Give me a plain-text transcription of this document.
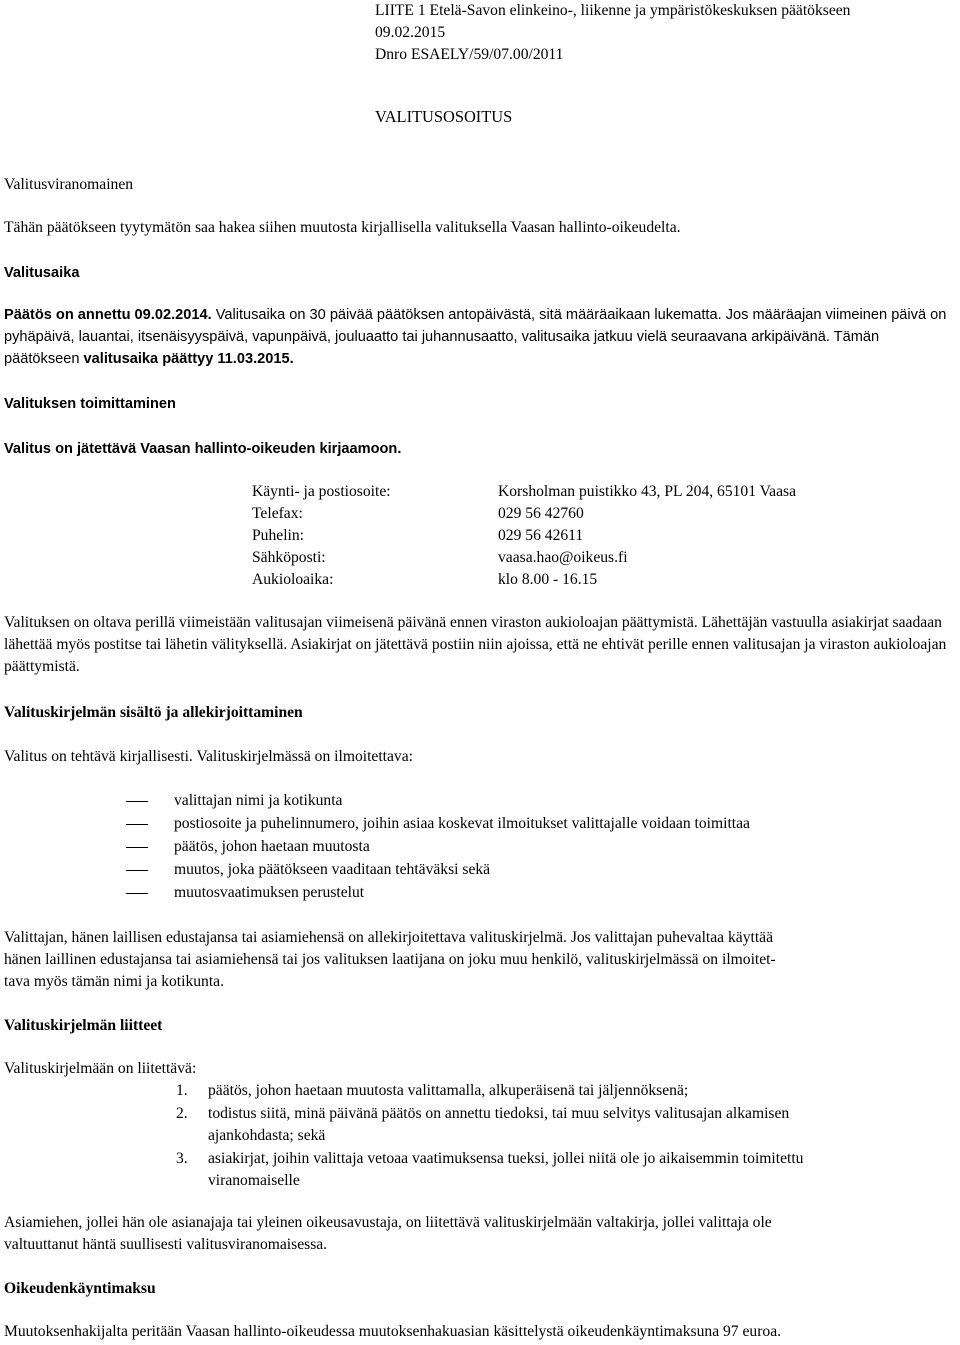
LIITE 1 Etelä-Savon elinkeino-, liikenne ja ympäristökeskuksen päätökseen
09.02.2015
Dnro ESAELY/59/07.00/2011
VALITUSOSOITUS
Valitusviranomainen
Tähän päätökseen tyytymätön saa hakea siihen muutosta kirjallisella valituksella Vaasan hallinto-oikeudelta.
Valitusaika
Päätös on annettu 09.02.2014. Valitusaika on 30 päivää päätöksen antopäivästä, sitä määräaikaan lukematta. Jos määräajan viimeinen päivä on pyhäpäivä, lauantai, itsenäisyyspäivä, vapunpäivä, jouluaatto tai juhannusaatto, valitusaika jatkuu vielä seuraavana arkipäivänä. Tämän päätökseen valitusaika päättyy 11.03.2015.
Valituksen toimittaminen
Valitus on jätettävä Vaasan hallinto-oikeuden kirjaamoon.
Käynti- ja postiosoite:	Korsholman puistikko 43, PL 204, 65101 Vaasa
Telefax:	029 56 42760
Puhelin:	029 56 42611
Sähköposti:	vaasa.hao@oikeus.fi
Aukioloaika:	klo 8.00 - 16.15
Valituksen on oltava perillä viimeistään valitusajan viimeisenä päivänä ennen viraston aukioloajan päättymistä. Lähettäjän vastuulla asiakirjat saadaan lähettää myös postitse tai lähetin välityksellä. Asiakirjat on jätettävä postiin niin ajoissa, että ne ehtivät perille ennen valitusajan ja viraston aukioloajan päättymistä.
Valituskirjelmän sisältö ja allekirjoittaminen
Valitus on tehtävä kirjallisesti. Valituskirjelmässä on ilmoitettava:
valittajan nimi ja kotikunta
postiosoite ja puhelinnumero, joihin asiaa koskevat ilmoitukset valittajalle voidaan toimittaa
päätös, johon haetaan muutosta
muutos, joka päätökseen vaaditaan tehtäväksi sekä
muutosvaatimuksen perustelut
Valittajan, hänen laillisen edustajansa tai asiamiehensä on allekirjoitettava valituskirjelmä. Jos valittajan puhevaltaa käyttää
hänen laillinen edustajansa tai asiamiehensä tai jos valituksen laatijana on joku muu henkilö, valituskirjelmässä on ilmoitet-
tava myös tämän nimi ja kotikunta.
Valituskirjelmän liitteet
Valituskirjelmään on liitettävä:
1. päätös, johon haetaan muutosta valittamalla, alkuperäisenä tai jäljennöksenä;
2. todistus siitä, minä päivänä päätös on annettu tiedoksi, tai muu selvitys valitusajan alkamisen
ajankohdasta; sekä
3. asiakirjat, joihin valittaja vetoaa vaatimuksensa tueksi, jollei niitä ole jo aikaisemmin toimitettu
viranomaiselle
Asiamiehen, jollei hän ole asianajaja tai yleinen oikeusavustaja, on liitettävä valituskirjelmään valtakirja, jollei valittaja ole
valtuuttanut häntä suullisesti valitusviranomaisessa.
Oikeudenkäyntimaksu
Muutoksenhakijalta peritään Vaasan hallinto-oikeudessa muutoksenhakuasian käsittelystä oikeudenkäyntimaksuna 97 euroa.
